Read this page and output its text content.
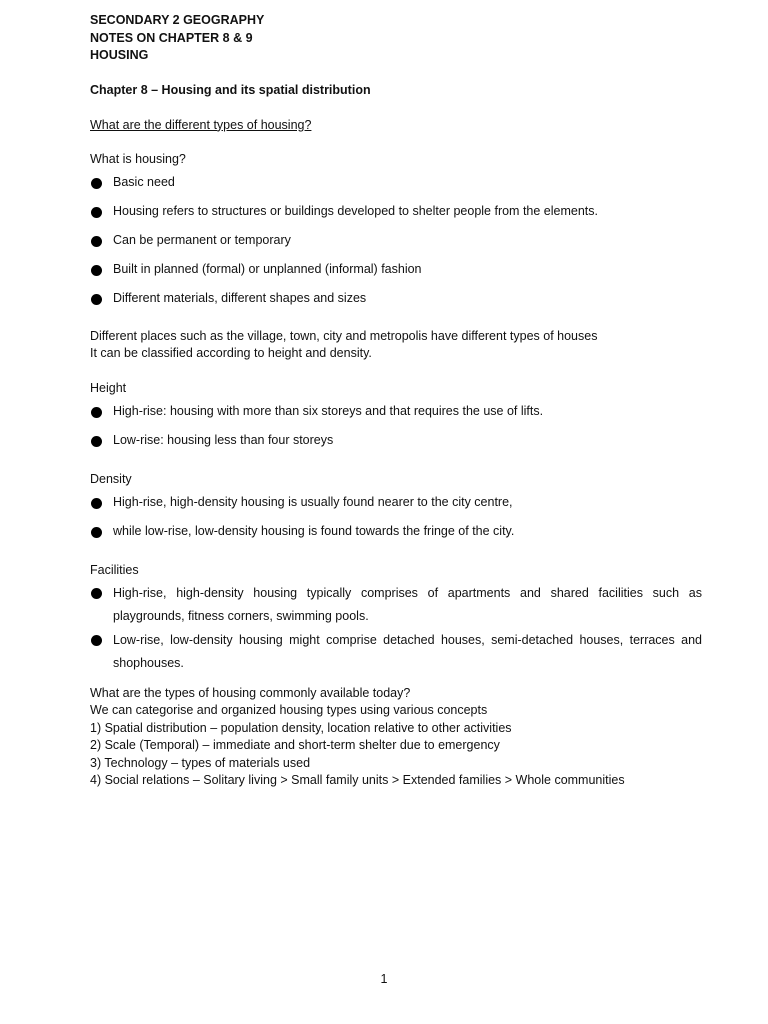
SECONDARY 2 GEOGRAPHY
NOTES ON CHAPTER 8 & 9
HOUSING
Chapter 8 – Housing and its spatial distribution
What are the different types of housing?
What is housing?
Basic need
Housing refers to structures or buildings developed to shelter people from the elements.
Can be permanent or temporary
Built in planned (formal) or unplanned (informal) fashion
Different materials, different shapes and sizes
Different places such as the village, town, city and metropolis have different types of houses
It can be classified according to height and density.
Height
High-rise: housing with more than six storeys and that requires the use of lifts.
Low-rise: housing less than four storeys
Density
High-rise, high-density housing is usually found nearer to the city centre,
while low-rise, low-density housing is found towards the fringe of the city.
Facilities
High-rise, high-density housing typically comprises of apartments and shared facilities such as playgrounds, fitness corners, swimming pools.
Low-rise, low-density housing might comprise detached houses, semi-detached houses, terraces and shophouses.
What are the types of housing commonly available today?
We can categorise and organized housing types using various concepts
1) Spatial distribution – population density, location relative to other activities
2) Scale (Temporal) – immediate and short-term shelter due to emergency
3) Technology – types of materials used
4) Social relations – Solitary living > Small family units > Extended families > Whole communities
1
